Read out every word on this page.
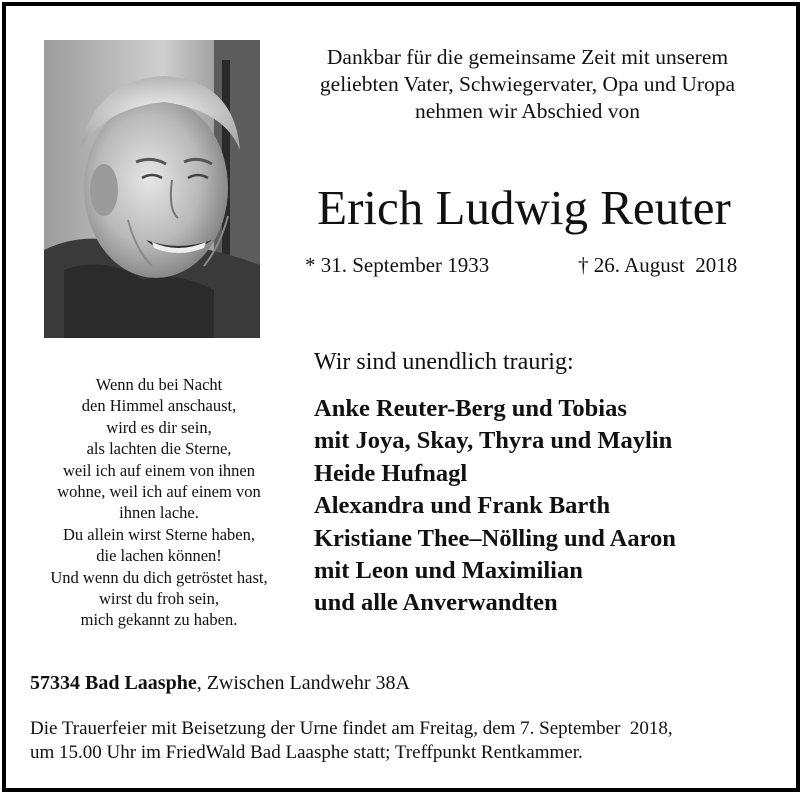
Dankbar für die gemeinsame Zeit mit unserem
geliebten Vater, Schwiegervater, Opa und Uropa
nehmen wir Abschied von
Erich Ludwig Reuter
* 31. September 1933	† 26. August  2018
Wir sind unendlich traurig:
Wenn du bei Nacht
den Himmel anschaust,
wird es dir sein,
als lachten die Sterne,
weil ich auf einem von ihnen
wohne, weil ich auf einem von
ihnen lache.
Du allein wirst Sterne haben,
die lachen können!
Und wenn du dich getröstet hast,
wirst du froh sein,
mich gekannt zu haben.
Anke Reuter-Berg und Tobias
mit Joya, Skay, Thyra und Maylin
Heide Hufnagl
Alexandra und Frank Barth
Kristiane Thee–Nölling und Aaron
mit Leon und Maximilian
und alle Anverwandten
57334 Bad Laasphe, Zwischen Landwehr 38A
Die Trauerfeier mit Beisetzung der Urne findet am Freitag, dem 7. September  2018,
um 15.00 Uhr im FriedWald Bad Laasphe statt; Treffpunkt Rentkammer.
